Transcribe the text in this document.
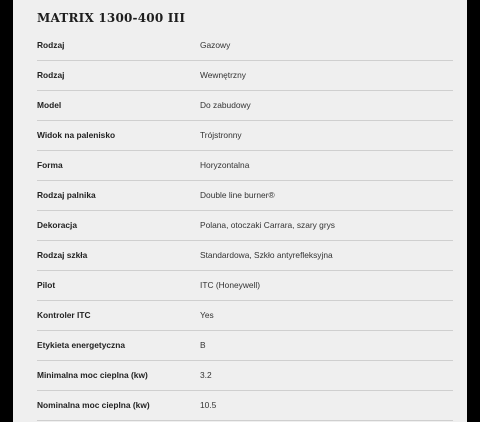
MATRIX 1300-400 III
Rodzaj	Gazowy
Rodzaj	Wewnętrzny
Model	Do zabudowy
Widok na palenisko	Trójstronny
Forma	Horyzontalna
Rodzaj palnika	Double line burner®
Dekoracja	Polana, otoczaki Carrara, szary grys
Rodzaj szkła	Standardowa, Szkło antyrefleksyjna
Pilot	ITC (Honeywell)
Kontroler ITC	Yes
Etykieta energetyczna	B
Minimalna moc cieplna (kw)	3.2
Nominalna moc cieplna (kw)	10.5
